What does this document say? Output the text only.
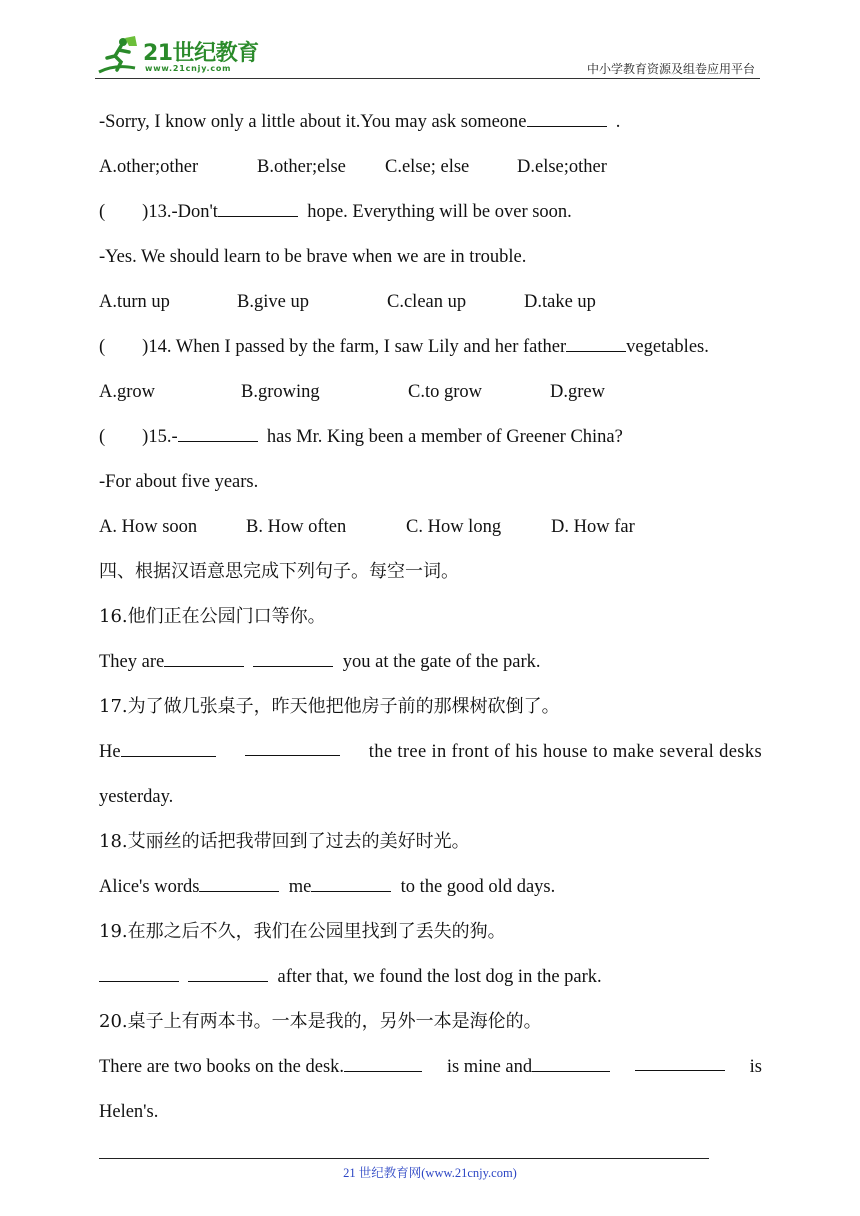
21世纪教育
www.21cnjy.com	中小学教育资源及组卷应用平台
-Sorry, I know only a little about it.You may ask someone	.
A.other;other	B.other;else C.else; else	D.else;other
(        )13.-Don't	hope. Everything will be over soon.
-Yes. We should learn to be brave when we are in trouble.
A.turn up	B.give up	C.clean up	D.take up
(        )14. When I passed by the farm, I saw Lily and her father	vegetables.
A.grow	B.growing	C.to grow	D.grew
(        )15.-	has Mr. King been a member of Greener China?
-For about five years.
A. How soon	B. How often	C. How long	D. How far
四、根据汉语意思完成下列句子。每空一词。
16.他们正在公园门口等你。
They are	you at the gate of the park.
17.为了做几张桌子，昨天他把他房子前的那棵树砍倒了。
He	the tree in front of his house to make several desks
yesterday.
18.艾丽丝的话把我带回到了过去的美好时光。
Alice's words	me	to the good old days.
19.在那之后不久，我们在公园里找到了丢失的狗。
after that, we found the lost dog in the park.
20.桌子上有两本书。一本是我的，另外一本是海伦的。
There are two books on the desk.	is mine and	is
Helen's.
21 世纪教育网(www.21cnjy.com)
